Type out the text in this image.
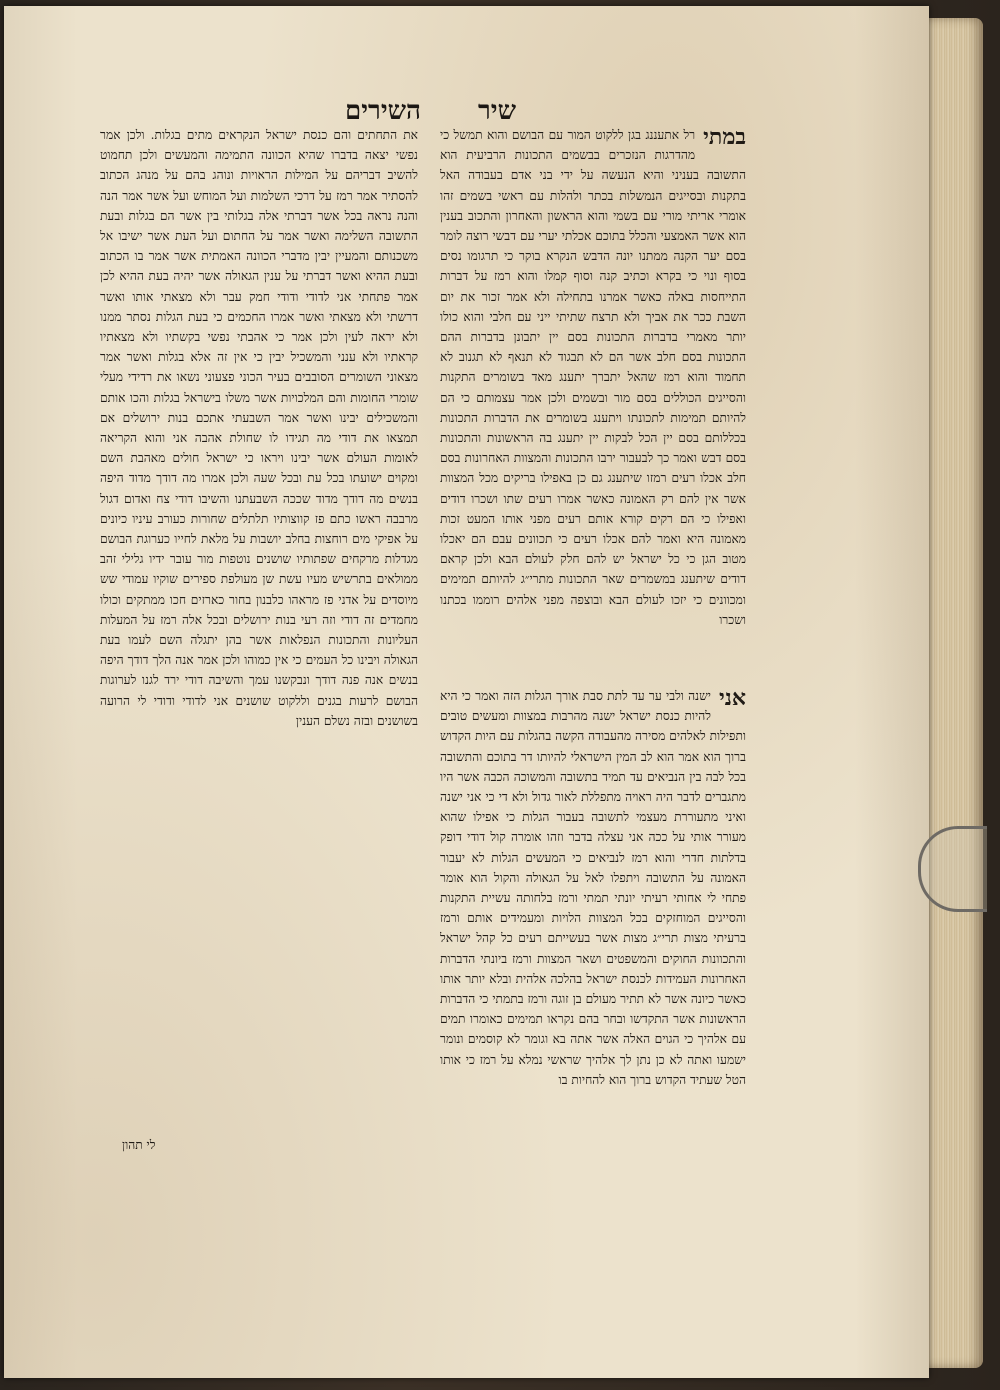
השירים	שיר

את התחתים והם כנסת ישראל הנקראים מתים בגלות. ולכן אמר נפשי יצאה בדברו שהיא הכוונה התמימה והמעשים ולכן תחמוט להשיב דבריהם על המילות הראויות ונוהג בהם על מנהג הכתוב להסתיר אמר רמז על דרכי השלמות ועל המוחש ועל אשר אמר הנה והנה נראה בכל אשר דברתי אלה בגלותי בין אשר הם בגלות ובעת התשובה השלימה ואשר אמר על החתום ועל העת אשר ישיבו אל משכנותם והמעיין יבין מדברי הכוונה האמתית אשר אמר בו הכתוב ובעת ההיא ואשר דברתי על ענין הגאולה אשר יהיה בעת ההיא לכן אמר פתחתי אני לדודי ודודי חמק עבר ולא מצאתי אותו ואשר דרשתי ולא מצאתי ואשר אמרו החכמים כי בעת הגלות נסתר ממנו ולא יראה לעין ולכן אמר כי אהבתי נפשי בקשתיו ולא מצאתיו קראתיו ולא ענני והמשכיל יבין כי אין זה אלא בגלות ואשר אמר מצאוני השומרים הסובבים בעיר הכוני פצעוני נשאו את רדידי מעלי שומרי החומות והם המלכויות אשר משלו בישראל בגלות והכו אותם והמשכילים יבינו ואשר אמר השבעתי אתכם בנות ירושלים אם תמצאו את דודי מה תגידו לו שחולת אהבה אני והוא הקריאה לאומות העולם אשר יבינו ויראו כי ישראל חולים מאהבת השם ומקוים ישועתו בכל עת ובכל שעה ולכן אמרו מה דודך מדוד היפה בנשים מה דודך מדוד שככה השבעתנו והשיבו דודי צח ואדום דגול מרבבה ראשו כתם פז קווצותיו תלתלים שחורות כעורב עיניו כיונים על אפיקי מים רוחצות בחלב יושבות על מלאת לחייו כערוגת הבושם מגדלות מרקחים שפתותיו שושנים נוטפות מור עובר ידיו גלילי זהב ממולאים בתרשיש מעיו עשת שן מעולפת ספירים שוקיו עמודי שש מיוסדים על אדני פז מראהו כלבנון בחור כארזים חכו ממתקים וכולו מחמדים זה דודי וזה רעי בנות ירושלים ובכל אלה רמז על המעלות העליונות והתכונות הנפלאות אשר בהן יתגלה השם לעמו בעת הגאולה ויבינו כל העמים כי אין כמוהו ולכן אמר אנה הלך דודך היפה בנשים אנה פנה דודך ונבקשנו עמך והשיבה דודי ירד לגנו לערוגות הבושם לרעות בגנים וללקוט שושנים אני לדודי ודודי לי הרועה בשושנים ובזה נשלם הענין

במתי

רל אתעננג בגן ללקוט המור עם הבושם והוא תמשל כי מהדרגות הנזכרים בבשמים התכונות הרביעית הוא התשובה בעניני והיא הנעשה על ידי בני אדם בעבודה האל בתקנות ובסייגים הנמשלות בכתר ולהלות עם ראשי בשמים זהו אומרי אריתי מורי עם בשמי והוא הראשון והאחרון והתכוב בענין הוא אשר האמצעי והכלל בתוכם אכלתי יערי עם דבשי רוצה לומר בסם יער הקנה ממתנו יונה הדבש הנקרא בוקר כי תרגומו נסים בסוף ונוי כי בקרא וכתיב קנה וסוף קמלו והוא רמז על דברות התייחסות באלה כאשר אמרנו בתחילה ולא אמר זכור את יום השבת ככר את אביך ולא תרצח שתיתי ייני עם חלבי והוא כולו יותר מאמרי בדברות התכונות בסם יין יתבונן בדברות ההם התכונות בסם חלב אשר הם לא תבגוד לא תנאף לא תגנוב לא תחמוד והוא רמז שהאל יתברך יתענג מאד בשומרים התקנות והסייגים הכוללים בסם מור ובשמים ולכן אמר עצמותם כי הם להיותם תמימות לתכונתו ויתענג בשומרים את הדברות התכונות בכללותם בסם יין הכל לבקות יין יתענג בה הראשונות והתכונות בסם דבש ואמר כך לבעבור ירבו התכונות והמצוות האחרונות בסם חלב אכלו רעים רמזו שיתענג גם כן באפילו בריקים מכל המצוות אשר אין להם רק האמונה כאשר אמרו רעים שתו ושכרו דודים ואפילו כי הם רקים קורא אותם רעים מפני אותו המעט זכות מאמונה היא ואמר להם אכלו רעים כי תכוונים עבם הם יאכלו מטוב הגן כי כל ישראל יש להם חלק לעולם הבא ולכן קראם דודים שיתענג במשמרים שאר התכונות מתרי״ג להיותם תמימים ומכוונים כי יזכו לעולם הבא ובוצפה מפני אלהים רוממו בכתנו ושכרו

אני

ישנה ולבי ער עד לתת סבת אורך הגלות הזה ואמר כי היא להיות כנסת ישראל ישנה מהרבות במצוות ומעשים טובים ותפילות לאלהים מסירה מהעבודה הקשה בהגלות עם היות הקדוש ברוך הוא אמר הוא לב המין הישראלי להיותו דר בתוכם והתשובה בכל לבה בין הנביאים עד תמיד בתשובה והמשוכה הכבה אשר היו מתגברים לדבר היה ראויה מתפללת לאור גדול ולא די כי אני ישנה ואיני מתעוררת מעצמי לתשובה בעבור הגלות כי אפילו שהוא מעורר אותי על ככה אני עצלה בדבר וזהו אומרה קול דודי דופק בדלתות חדרי והוא רמז לנביאים כי המעשים הגלות לא יעבור האמונה על התשובה ויתפלו לאל על הגאולה והקול הוא אומר פתחי לי אחותי רעיתי יונתי תמתי ורמז בלחותה עשיית התקנות והסייגים המוחזקים בכל המצוות הלויות ומעמידים אותם ורמז ברעיתי מצות תרי״ג מצות אשר בעשייתם רעים כל קהל ישראל והתכוונות החוקים והמשפטים ושאר המצוות ורמז ביונתי הדברות האחרונות העמידות לכנסת ישראל בהלכה אלהית ובלא יותר אותו כאשר כיונה אשר לא תתיר מעולם בן זוגה ורמז בתמתי כי הדברות הראשונות אשר התקדשו ובחר בהם נקראו תמימים כאומרו תמים עם אלהיך כי הגוים האלה אשר אתה בא וגומר לא קוסמים ונומר ישמעו ואתה לא כן נתן לך אלהיך שראשי נמלא על רמז כי אותו הטל שעתיד הקדוש ברוך הוא להחיות בו

לי תהון
